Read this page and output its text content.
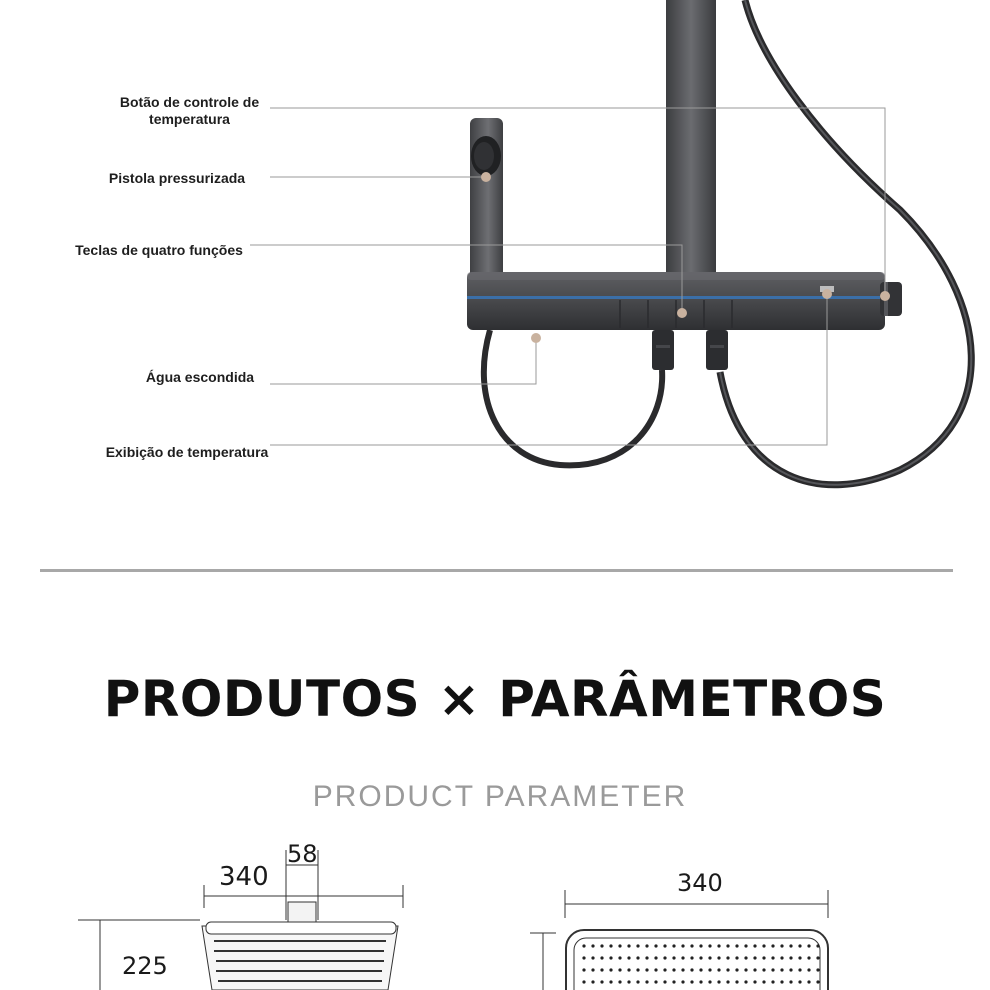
Botão de controle de temperatura
Pistola pressurizada
Teclas de quatro funções
Água escondida
Exibição de temperatura
PRODUTOS × PARÂMETROS
PRODUCT PARAMETER
340
58
225
340
